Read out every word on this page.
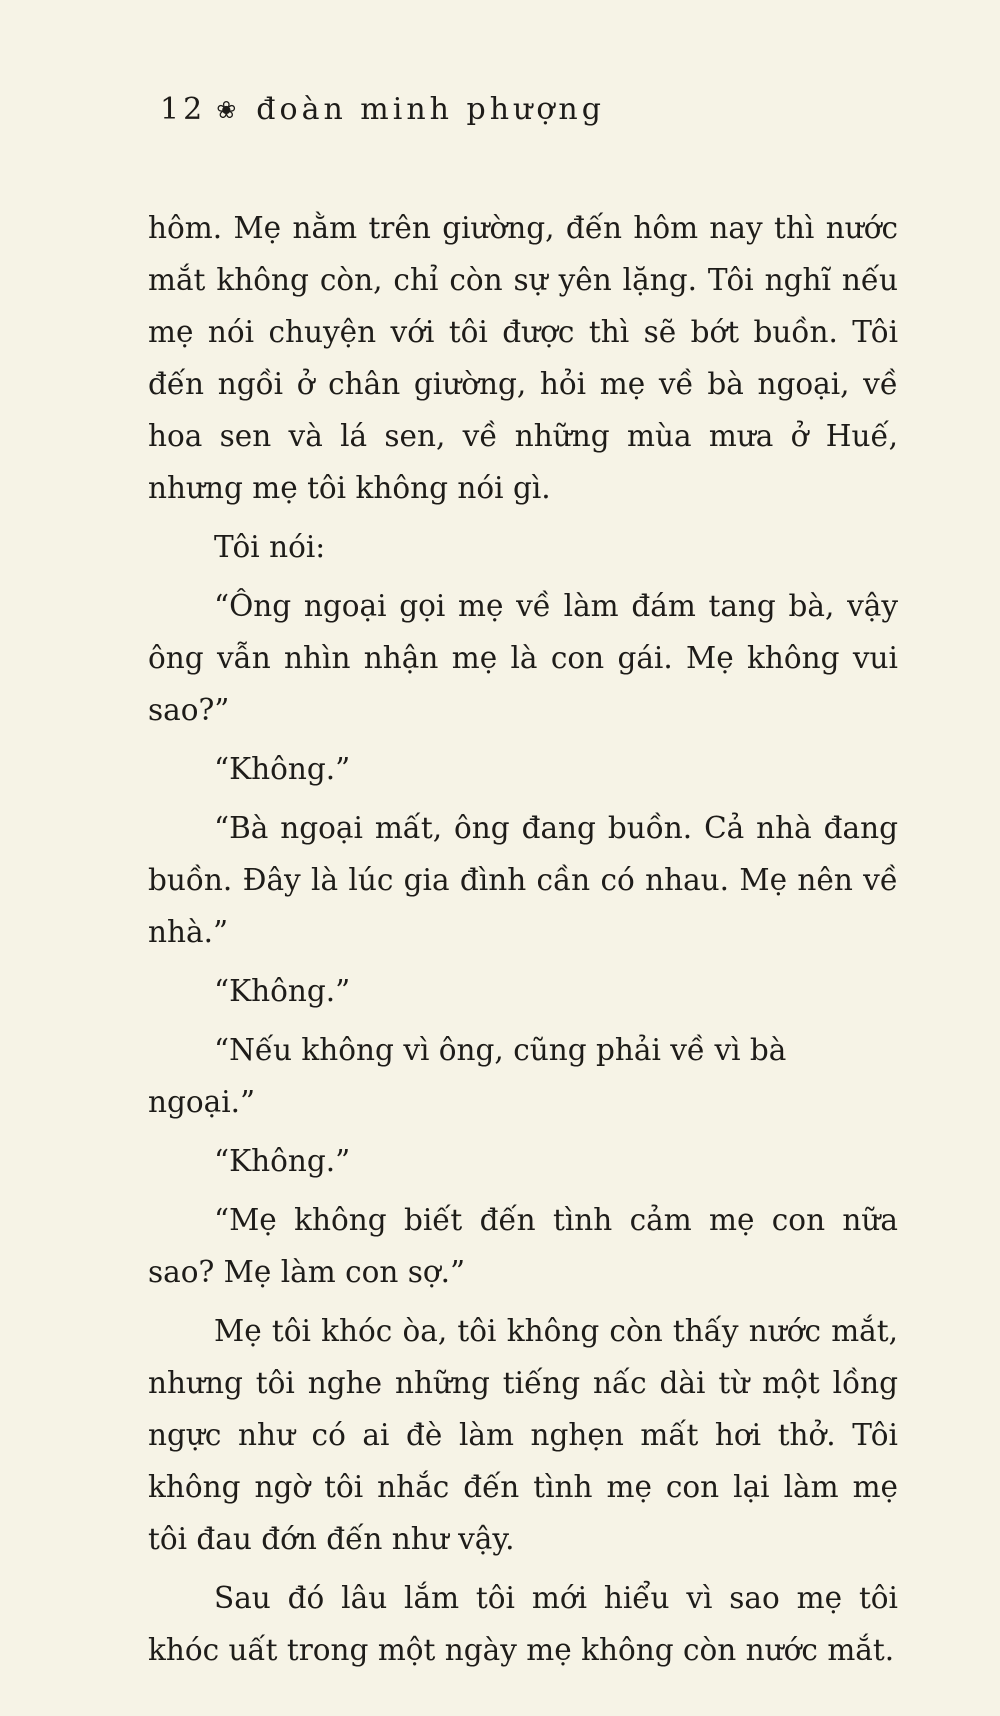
12 ❀ đoàn minh phượng

hôm. Mẹ nằm trên giường, đến hôm nay thì nước mắt không còn, chỉ còn sự yên lặng. Tôi nghĩ nếu mẹ nói chuyện với tôi được thì sẽ bớt buồn. Tôi đến ngồi ở chân giường, hỏi mẹ về bà ngoại, về hoa sen và lá sen, về những mùa mưa ở Huế, nhưng mẹ tôi không nói gì.

Tôi nói:

“Ông ngoại gọi mẹ về làm đám tang bà, vậy ông vẫn nhìn nhận mẹ là con gái. Mẹ không vui sao?”

“Không.”

“Bà ngoại mất, ông đang buồn. Cả nhà đang buồn. Đây là lúc gia đình cần có nhau. Mẹ nên về nhà.”

“Không.”

“Nếu không vì ông, cũng phải về vì bà ngoại.”

“Không.”

“Mẹ không biết đến tình cảm mẹ con nữa sao? Mẹ làm con sợ.”

Mẹ tôi khóc òa, tôi không còn thấy nước mắt, nhưng tôi nghe những tiếng nấc dài từ một lồng ngực như có ai đè làm nghẹn mất hơi thở. Tôi không ngờ tôi nhắc đến tình mẹ con lại làm mẹ tôi đau đớn đến như vậy.

Sau đó lâu lắm tôi mới hiểu vì sao mẹ tôi khóc uất trong một ngày mẹ không còn nước mắt.
